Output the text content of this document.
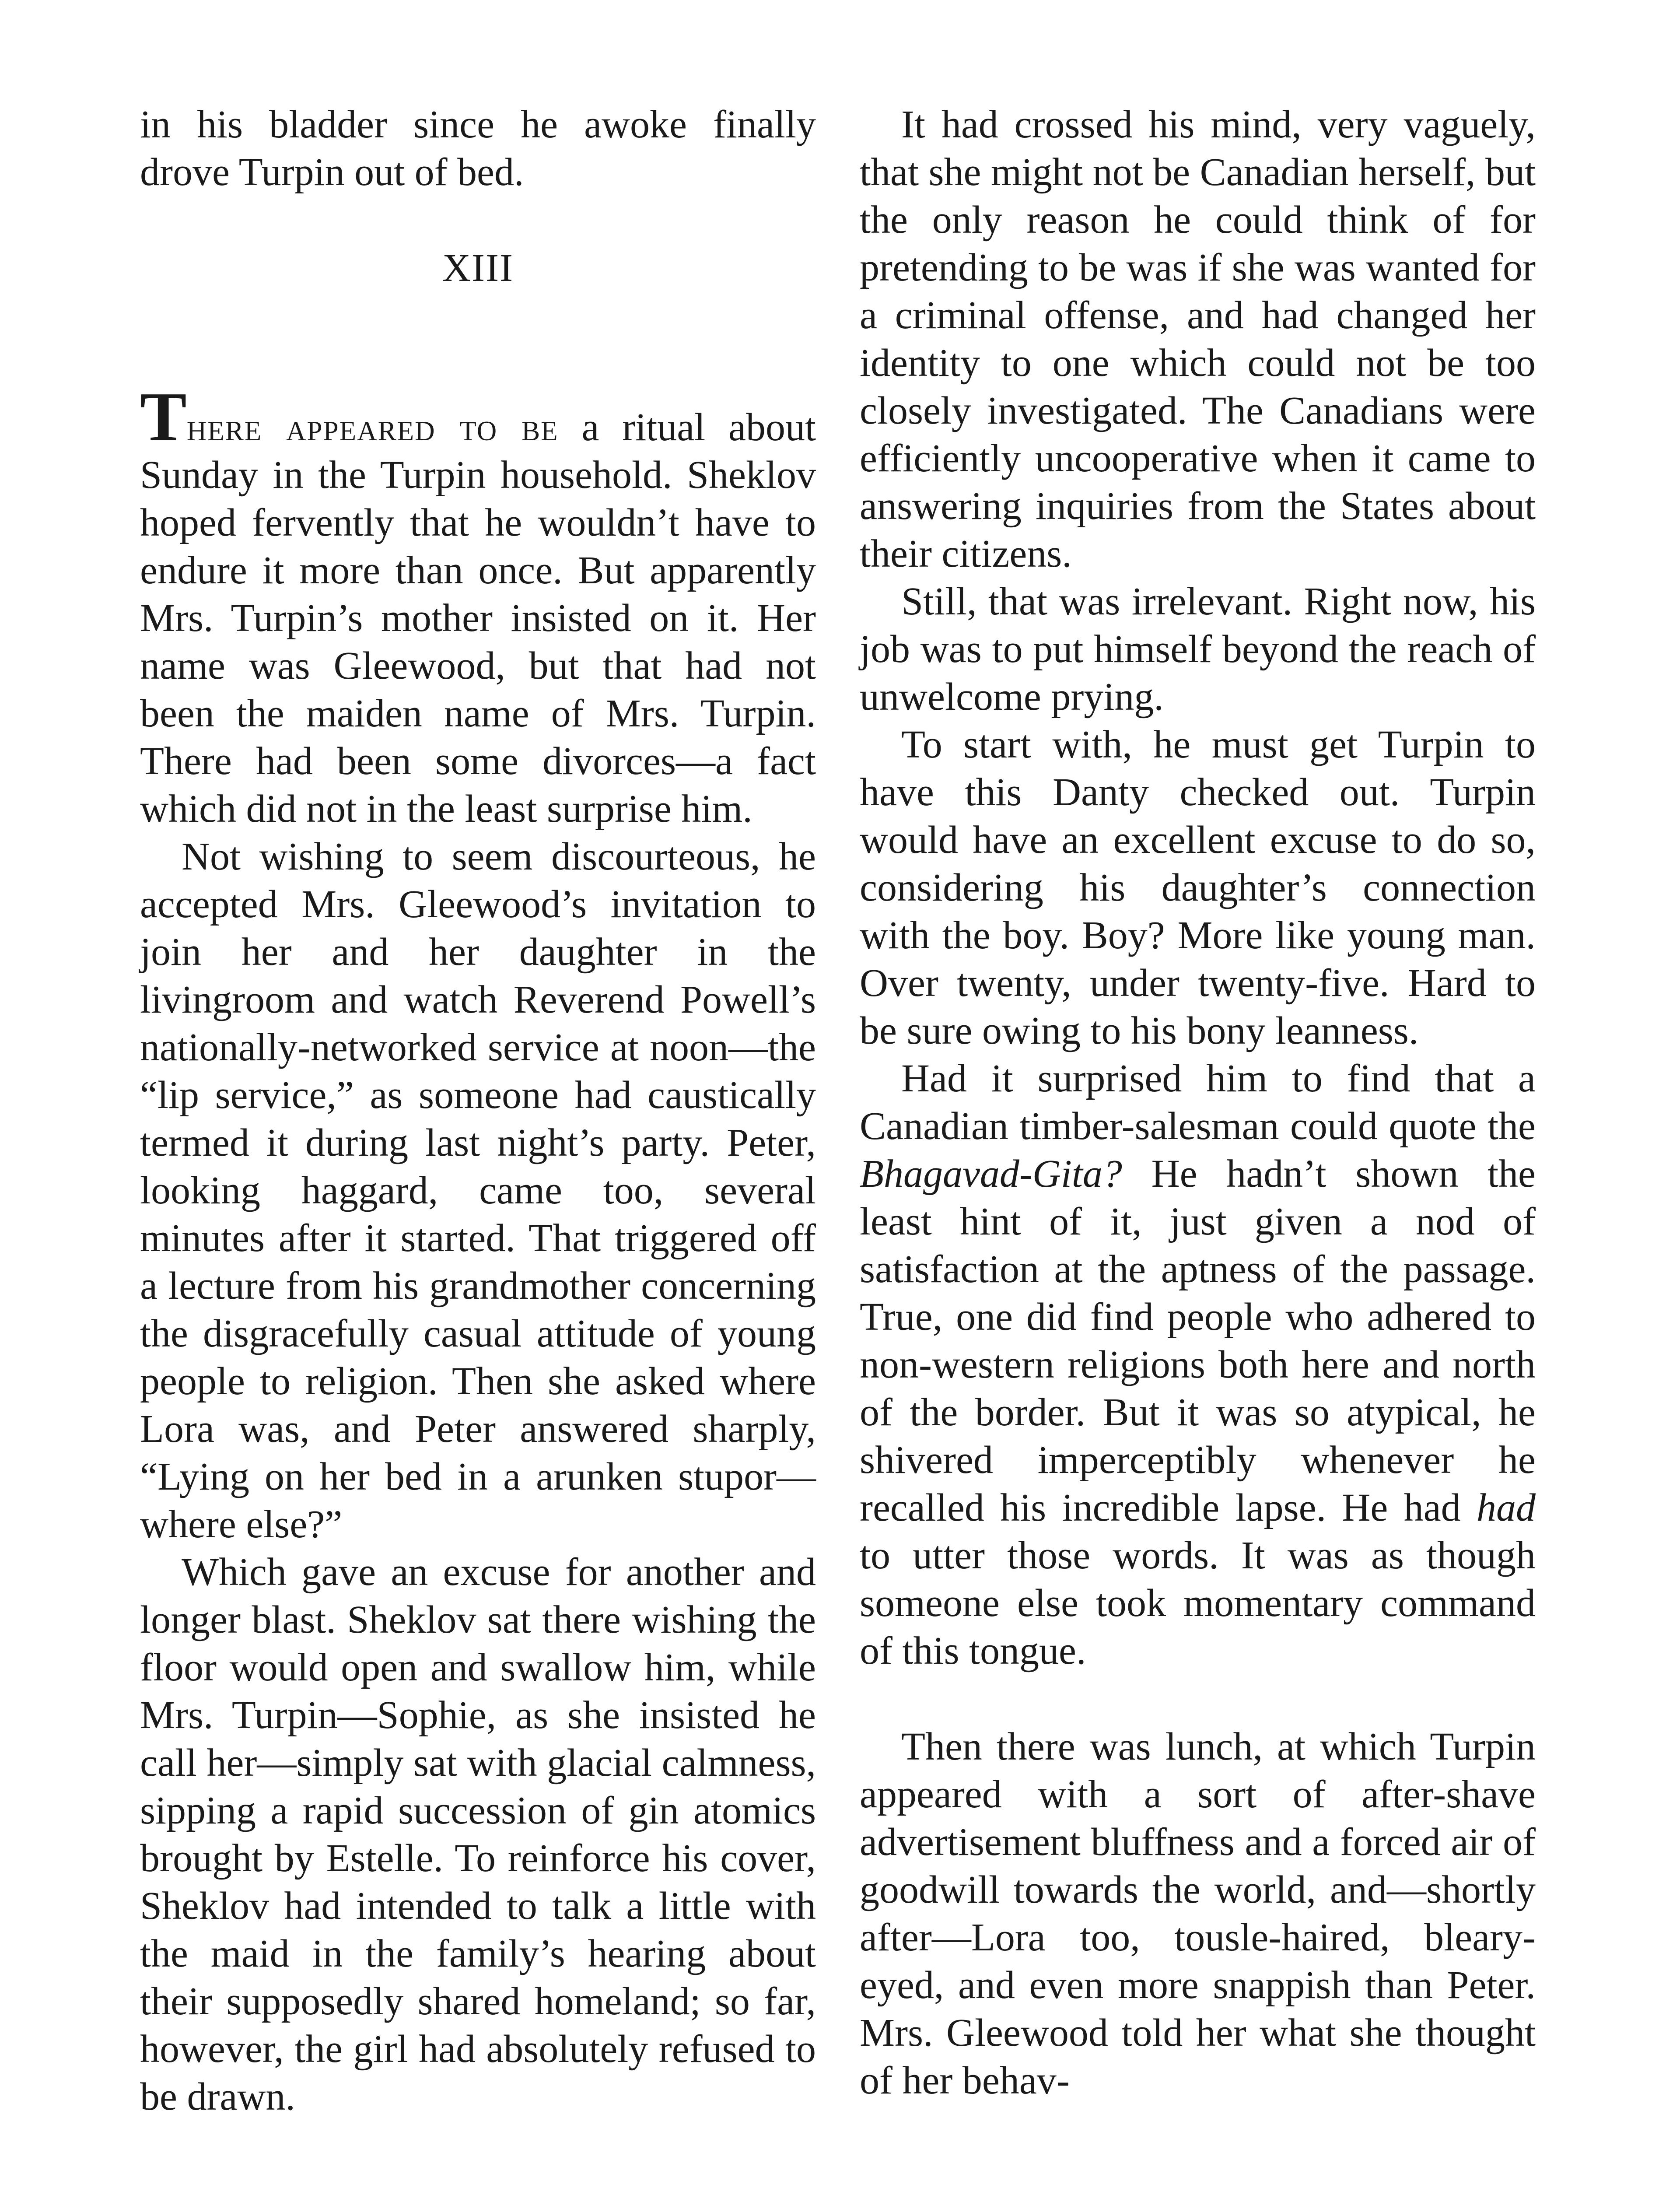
in his bladder since he awoke finally drove Turpin out of bed.

XIII

There appeared to be a ritual about Sunday in the Turpin household. Sheklov hoped fervently that he wouldn’t have to endure it more than once. But apparently Mrs. Turpin’s mother insisted on it. Her name was Gleewood, but that had not been the maiden name of Mrs. Turpin. There had been some divorces—a fact which did not in the least surprise him.

Not wishing to seem discourteous, he accepted Mrs. Gleewood’s invitation to join her and her daughter in the livingroom and watch Reverend Powell’s nationally-networked service at noon—the “lip service,” as someone had caustically termed it during last night’s party. Peter, looking haggard, came too, several minutes after it started. That triggered off a lecture from his grandmother concerning the disgracefully casual attitude of young people to religion. Then she asked where Lora was, and Peter answered sharply, “Lying on her bed in a arunken stupor—where else?”

Which gave an excuse for another and longer blast. Sheklov sat there wishing the floor would open and swallow him, while Mrs. Turpin—Sophie, as she insisted he call her—simply sat with glacial calmness, sipping a rapid succession of gin atomics brought by Estelle. To reinforce his cover, Sheklov had intended to talk a little with the maid in the family’s hearing about their supposedly shared homeland; so far, however, the girl had absolutely refused to be drawn.

It had crossed his mind, very vaguely, that she might not be Canadian herself, but the only reason he could think of for pretending to be was if she was wanted for a criminal offense, and had changed her identity to one which could not be too closely investigated. The Canadians were efficiently uncooperative when it came to answering inquiries from the States about their citizens.

Still, that was irrelevant. Right now, his job was to put himself beyond the reach of unwelcome prying.

To start with, he must get Turpin to have this Danty checked out. Turpin would have an excellent excuse to do so, considering his daughter’s connection with the boy. Boy? More like young man. Over twenty, under twenty-five. Hard to be sure owing to his bony leanness.

Had it surprised him to find that a Canadian timber-salesman could quote the Bhagavad-Gita? He hadn’t shown the least hint of it, just given a nod of satisfaction at the aptness of the passage. True, one did find people who adhered to non-western religions both here and north of the border. But it was so atypical, he shivered imperceptibly whenever he recalled his incredible lapse. He had had to utter those words. It was as though someone else took momentary command of this tongue.

Then there was lunch, at which Turpin appeared with a sort of after-shave advertisement bluffness and a forced air of goodwill towards the world, and—shortly after—Lora too, tousle-haired, bleary-eyed, and even more snappish than Peter. Mrs. Gleewood told her what she thought of her behav-
